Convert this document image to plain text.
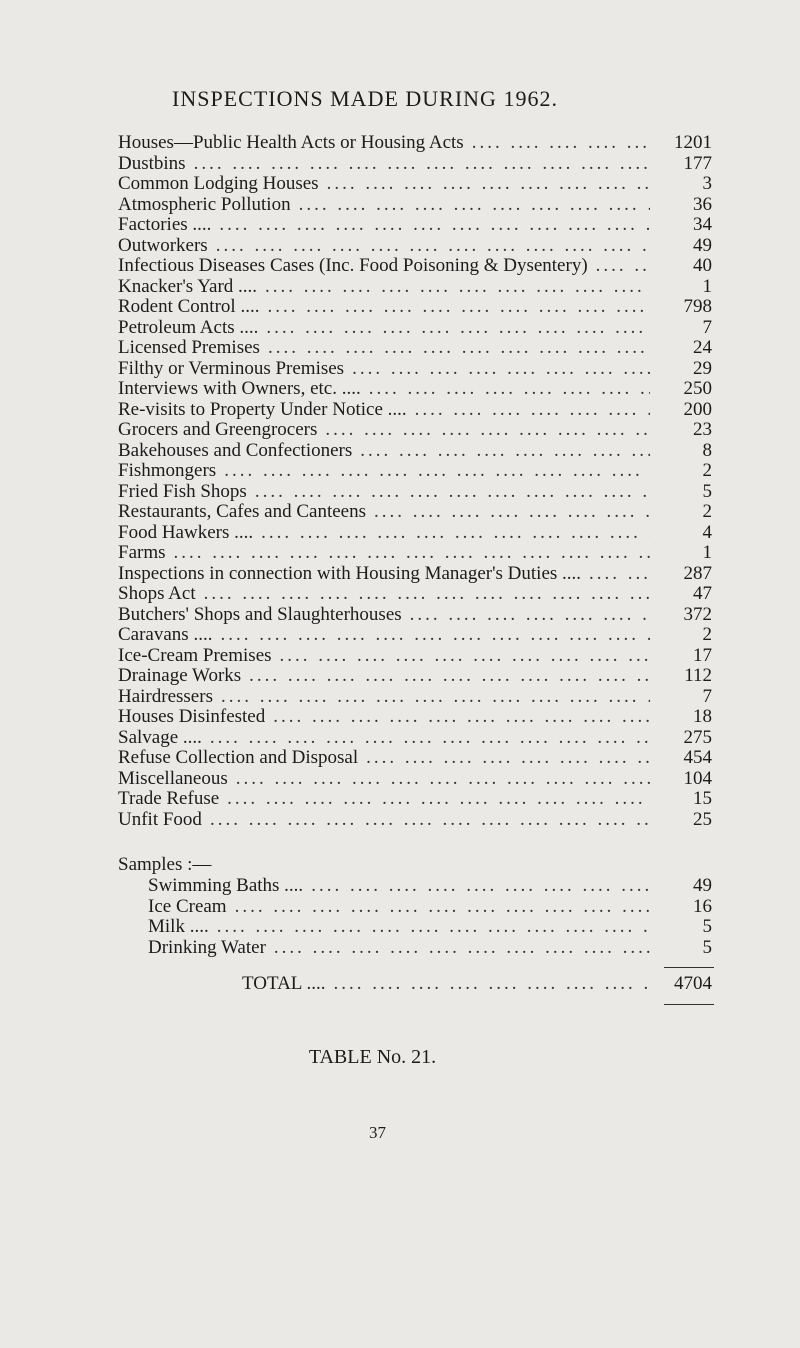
INSPECTIONS MADE DURING 1962.
Houses—Public Health Acts or Housing Acts ....	1201
Dustbins ....	177
Common Lodging Houses ....	3
Atmospheric Pollution ....	36
Factories .... ....	34
Outworkers ....	49
Infectious Diseases Cases (Inc. Food Poisoning & Dysentery) ....	40
Knacker's Yard .... ....	1
Rodent Control .... ....	798
Petroleum Acts .... ....	7
Licensed Premises ....	24
Filthy or Verminous Premises ....	29
Interviews with Owners, etc. .... ....	250
Re-visits to Property Under Notice .... ....	200
Grocers and Greengrocers ....	23
Bakehouses and Confectioners ....	8
Fishmongers ....	2
Fried Fish Shops ....	5
Restaurants, Cafes and Canteens ....	2
Food Hawkers .... ....	4
Farms ....	1
Inspections in connection with Housing Manager's Duties .... ....	287
Shops Act ....	47
Butchers' Shops and Slaughterhouses ....	372
Caravans .... ....	2
Ice-Cream Premises ....	17
Drainage Works ....	112
Hairdressers ....	7
Houses Disinfested ....	18
Salvage .... ....	275
Refuse Collection and Disposal ....	454
Miscellaneous ....	104
Trade Refuse ....	15
Unfit Food ....	25
Samples :—
Swimming Baths .... ....	49
Ice Cream ....	16
Milk .... ....	5
Drinking Water ....	5
TOTAL .... ....	4704
TABLE No. 21.
37
